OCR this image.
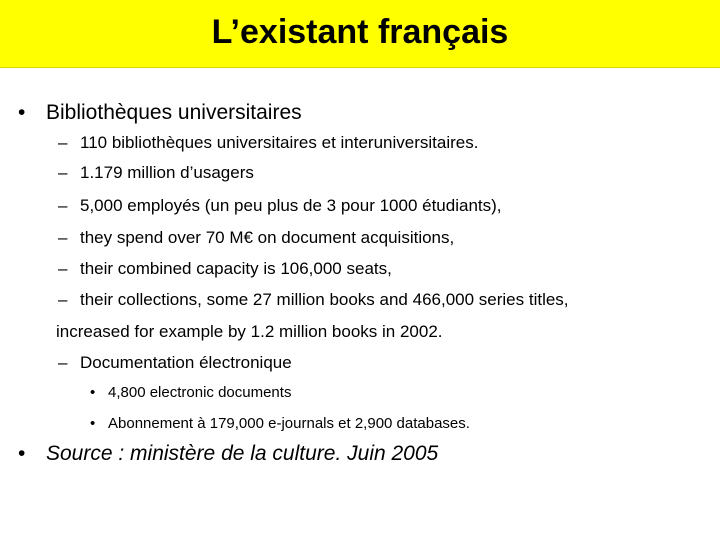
L’existant français
• Bibliothèques universitaires
– 110 bibliothèques universitaires et interuniversitaires.
– 1.179 million d’usagers
– 5,000 employés (un peu plus de 3 pour 1000 étudiants),
– they spend over 70 M€ on document acquisitions,
– their combined capacity is 106,000 seats,
– their collections, some 27 million books and 466,000 series titles,
increased for example by 1.2 million books in 2002.
– Documentation électronique
• 4,800 electronic documents
• Abonnement à 179,000 e-journals et 2,900 databases.
• Source : ministère de la culture. Juin 2005
